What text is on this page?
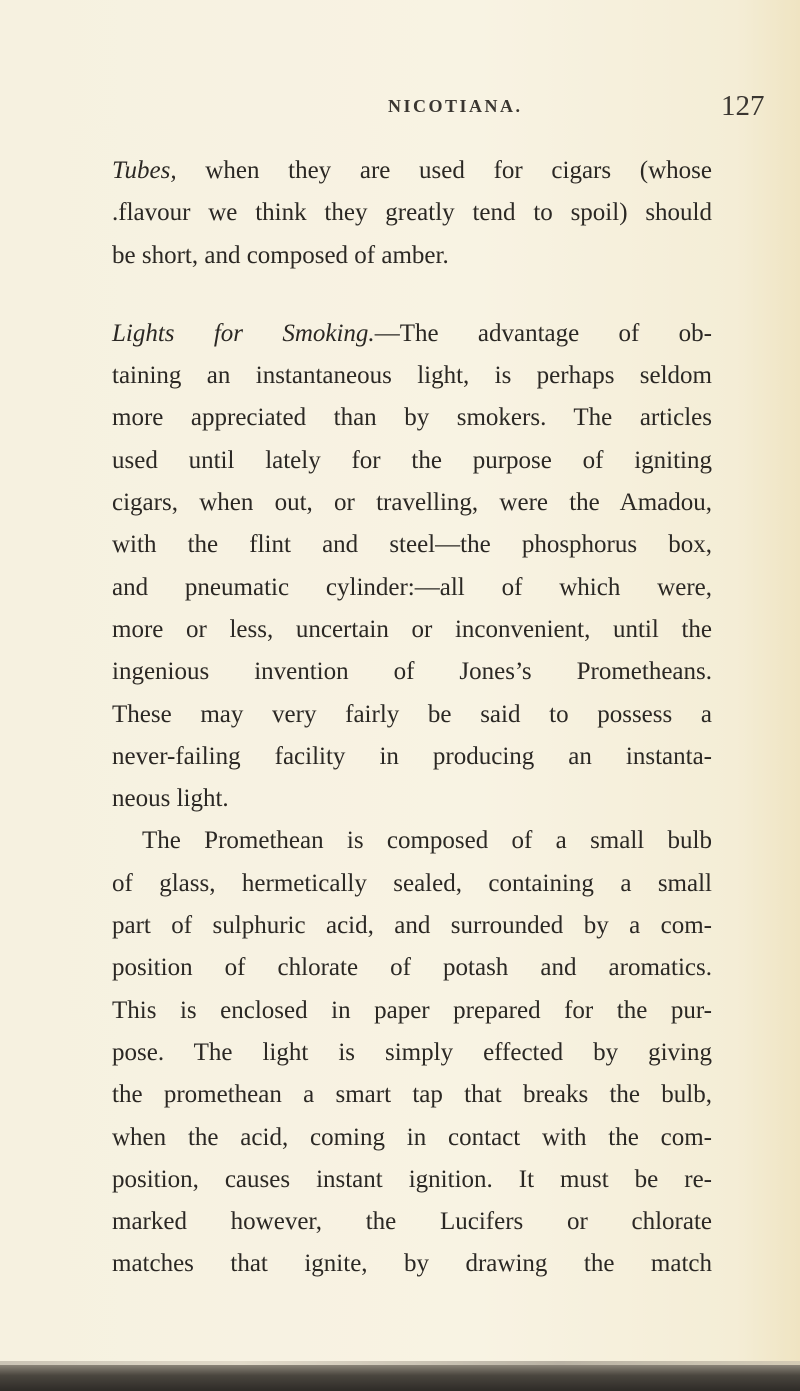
NICOTIANA.	127
Tubes, when they are used for cigars (whose
.flavour we think they greatly tend to spoil) should
be short, and composed of amber.
Lights for Smoking.—The advantage of ob-
taining an instantaneous light, is perhaps seldom
more appreciated than by smokers. The articles
used until lately for the purpose of igniting
cigars, when out, or travelling, were the Amadou,
with the flint and steel—the phosphorus box,
and pneumatic cylinder:—all of which were,
more or less, uncertain or inconvenient, until the
ingenious invention of Jones’s Prometheans.
These may very fairly be said to possess a
never-failing facility in producing an instanta-
neous light.
The Promethean is composed of a small bulb
of glass, hermetically sealed, containing a small
part of sulphuric acid, and surrounded by a com-
position of chlorate of potash and aromatics.
This is enclosed in paper prepared for the pur-
pose. The light is simply effected by giving
the promethean a smart tap that breaks the bulb,
when the acid, coming in contact with the com-
position, causes instant ignition. It must be re-
marked however, the Lucifers or chlorate
matches that ignite, by drawing the match
